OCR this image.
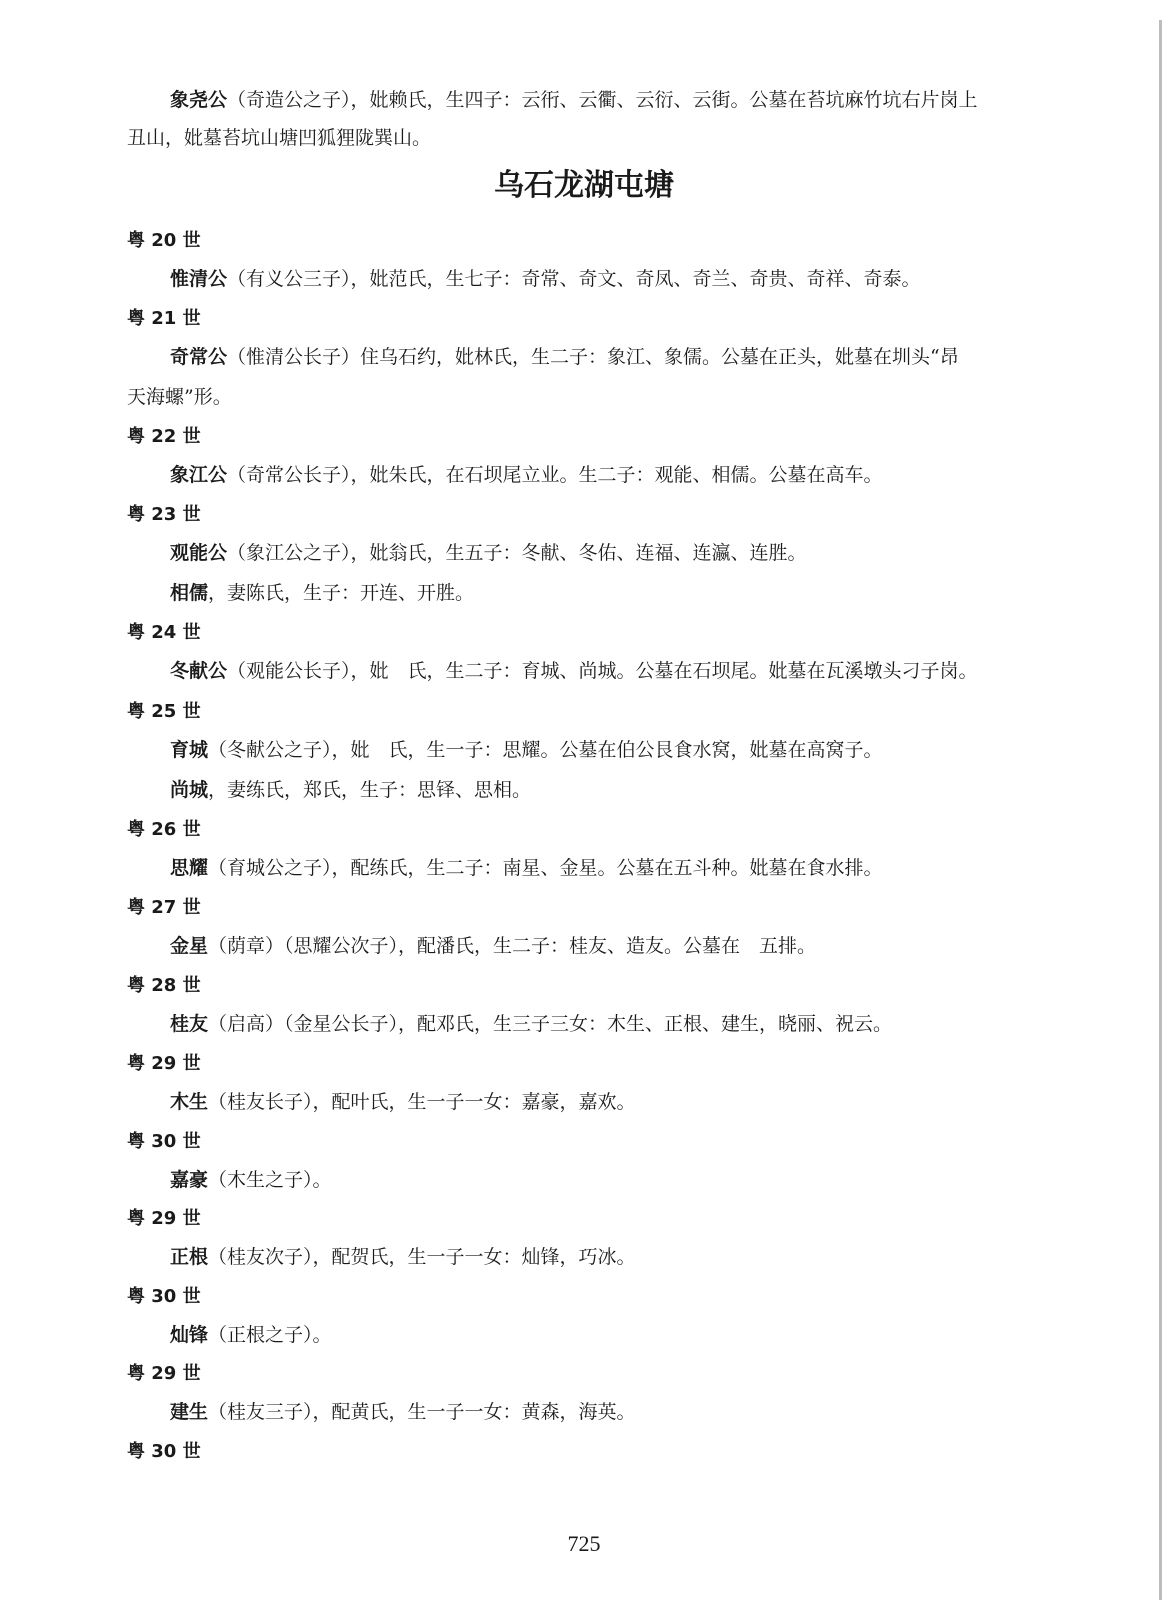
象尧公（奇造公之子），妣赖氏，生四子：云衎、云衢、云衍、云街。公墓在苔坑麻竹坑右片岗上
丑山，妣墓苔坑山塘凹狐狸陇巽山。
乌石龙湖屯塘
粤 20 世
惟清公（有义公三子），妣范氏，生七子：奇常、奇文、奇凤、奇兰、奇贵、奇祥、奇泰。
粤 21 世
奇常公（惟清公长子）住乌石约，妣林氏，生二子：象江、象儒。公墓在正头，妣墓在圳头“昂
天海螺”形。
粤 22 世
象江公（奇常公长子），妣朱氏，在石坝尾立业。生二子：观能、相儒。公墓在高车。
粤 23 世
观能公（象江公之子），妣翁氏，生五子：冬献、冬佑、连福、连瀛、连胜。
相儒，妻陈氏，生子：开连、开胜。
粤 24 世
冬献公（观能公长子），妣　氏，生二子：育城、尚城。公墓在石坝尾。妣墓在瓦溪墩头刁子岗。
粤 25 世
育城（冬献公之子），妣　氏，生一子：思耀。公墓在伯公艮食水窝，妣墓在高窝子。
尚城，妻练氏，郑氏，生子：思铎、思相。
粤 26 世
思耀（育城公之子），配练氏，生二子：南星、金星。公墓在五斗种。妣墓在食水排。
粤 27 世
金星（荫章）（思耀公次子），配潘氏，生二子：桂友、造友。公墓在　五排。
粤 28 世
桂友（启高）（金星公长子），配邓氏，生三子三女：木生、正根、建生，晓丽、祝云。
粤 29 世
木生（桂友长子），配叶氏，生一子一女：嘉豪，嘉欢。
粤 30 世
嘉豪（木生之子）。
粤 29 世
正根（桂友次子），配贺氏，生一子一女：灿锋，巧冰。
粤 30 世
灿锋（正根之子）。
粤 29 世
建生（桂友三子），配黄氏，生一子一女：黄森，海英。
粤 30 世
725
